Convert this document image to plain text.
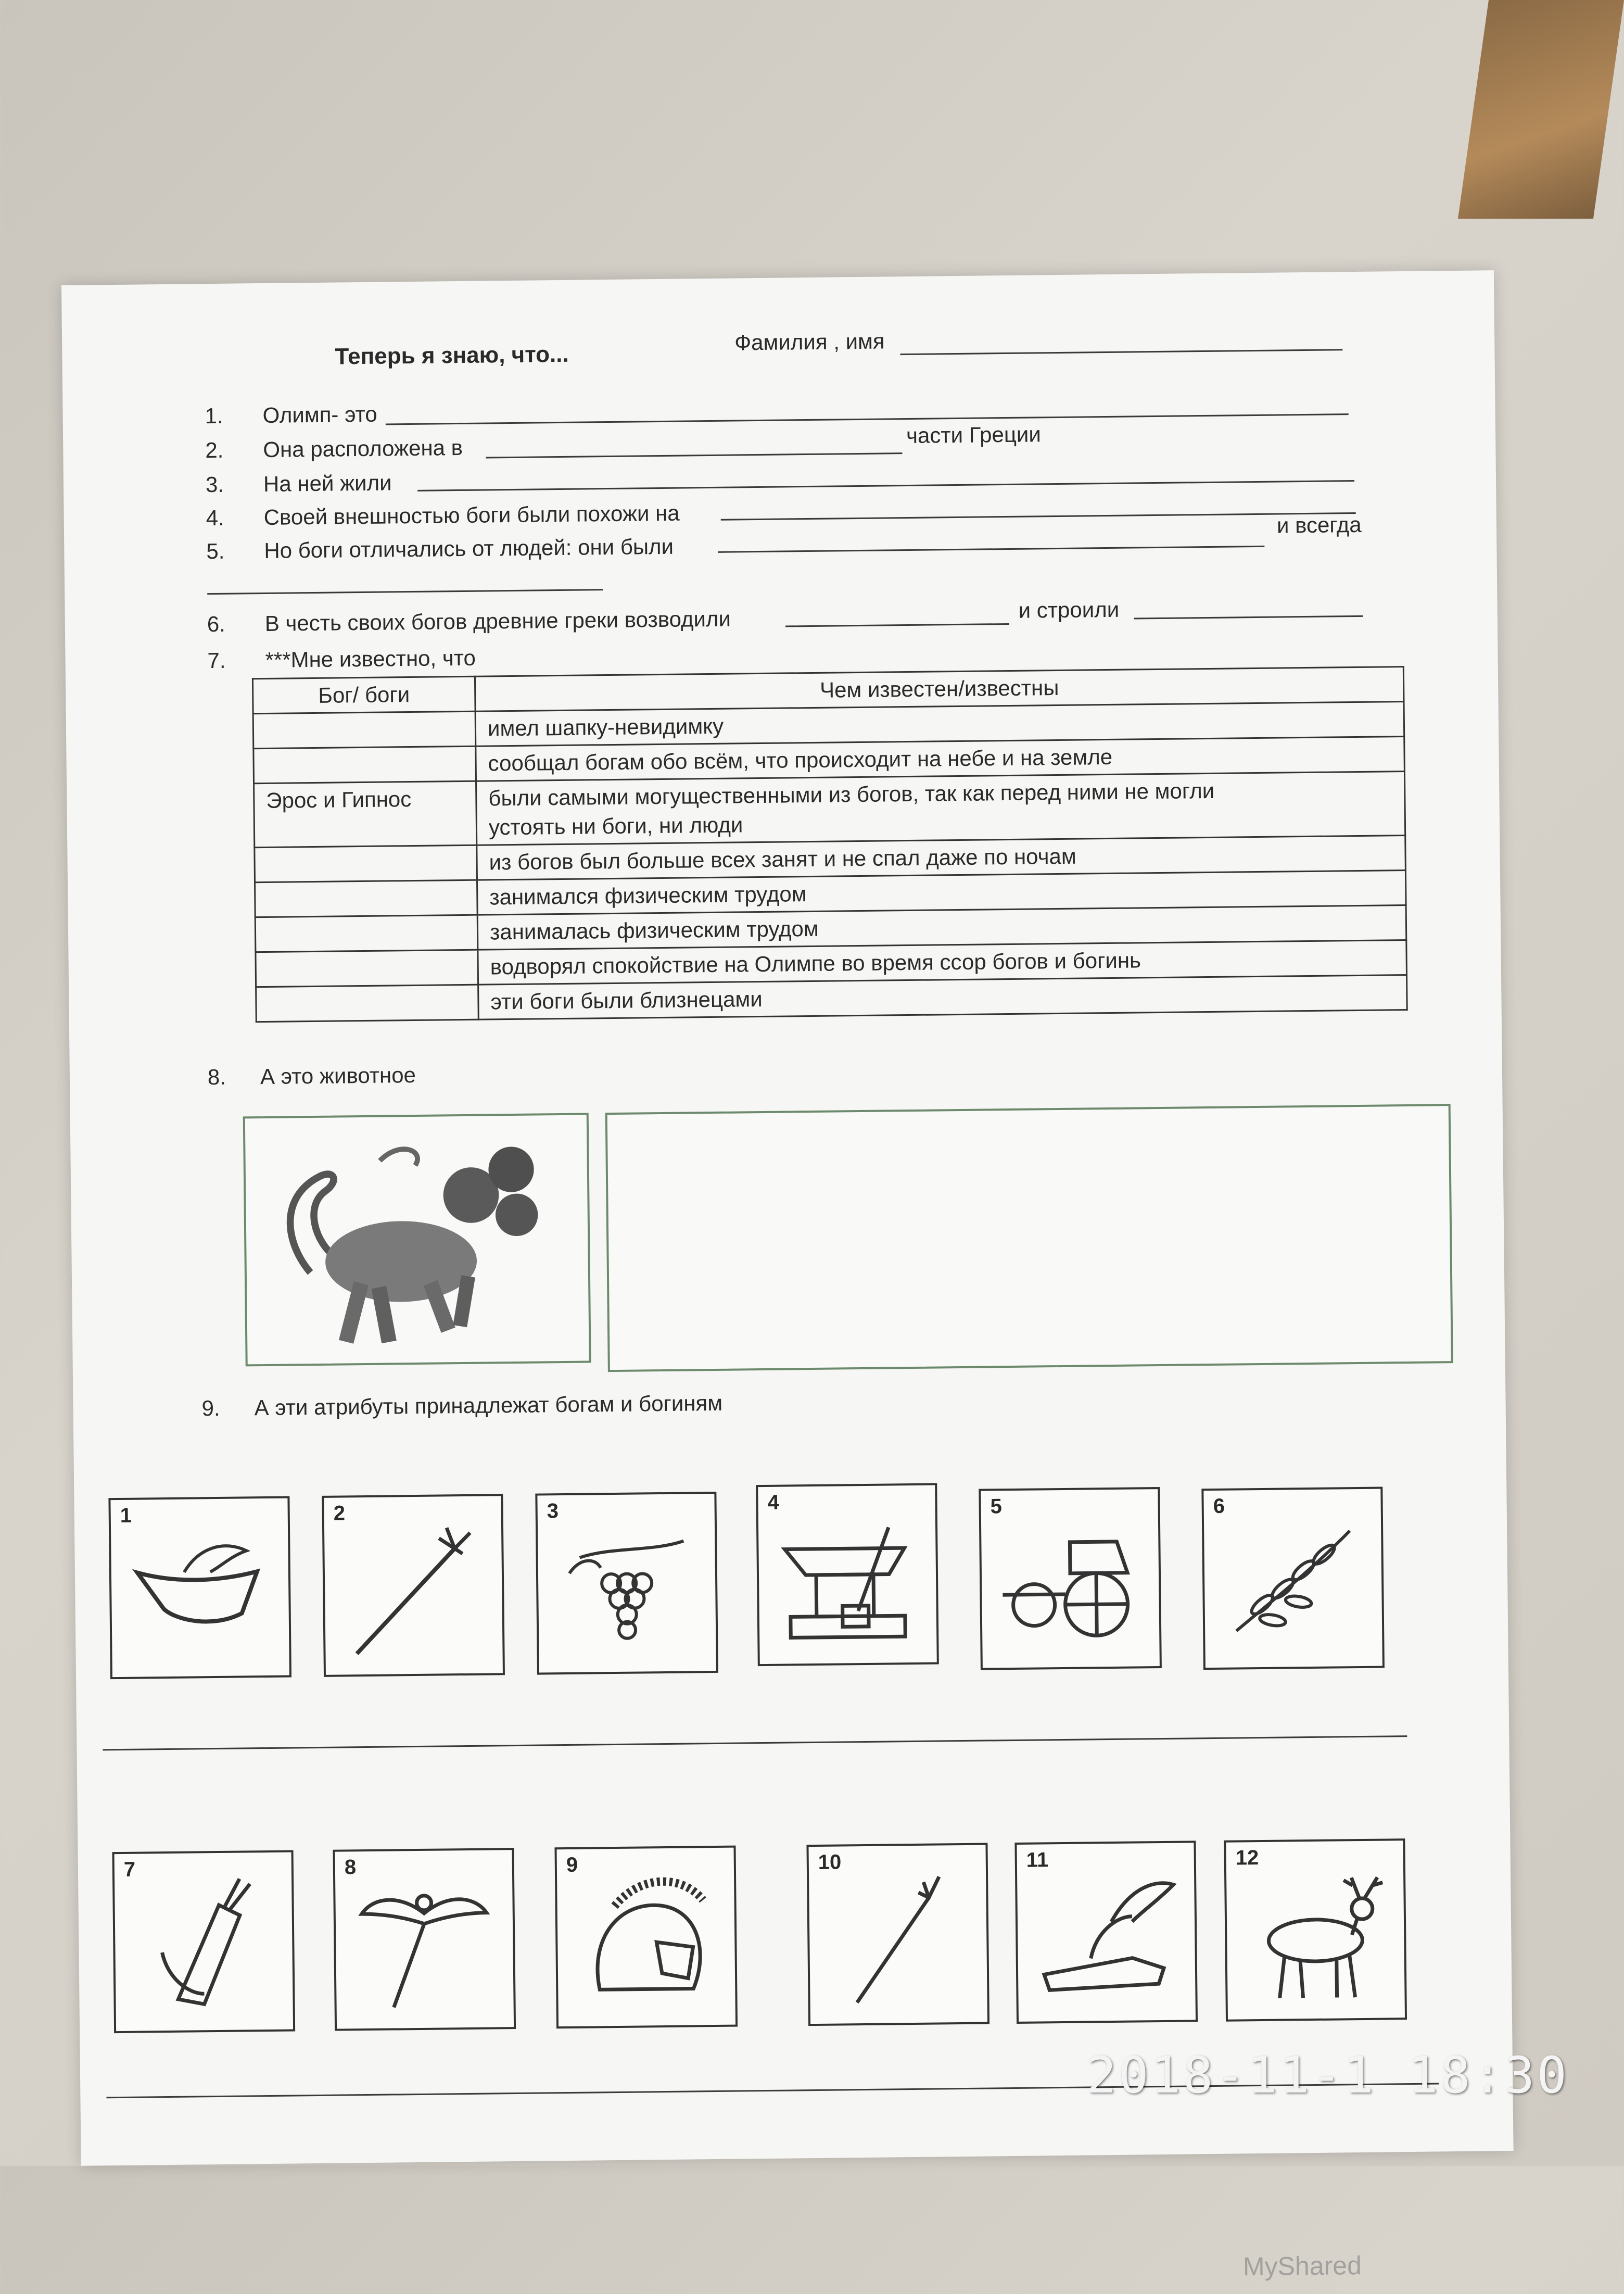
Теперь я знаю, что...	Фамилия , имя
1. Олимп- это
2. Она расположена в
части Греции
3. На ней жили
4. Своей внешностью боги были похожи на
5. Но боги отличались от людей: они были
и всегда
6. В честь своих богов древние греки возводили	и строили
7. ***Мне известно, что
Бог/ боги	Чем известен/известны
	имел шапку-невидимку
	сообщал богам обо всём, что происходит на небе и на земле
Эрос и Гипнос	были самыми могущественными из богов, так как перед ними не могли
устоять ни боги, ни люди

	из богов был больше всех занят и не спал даже по ночам
	занимался физическим трудом
	занималась физическим трудом
	водворял спокойствие на Олимпе во время ссор богов и богинь
	эти боги были близнецами
8. А это животное
9. А эти атрибуты принадлежат богам и богиням
1	2	3	4	5	6
7	8	9	10	11	12
MyShared
2018-11-1 18:30
